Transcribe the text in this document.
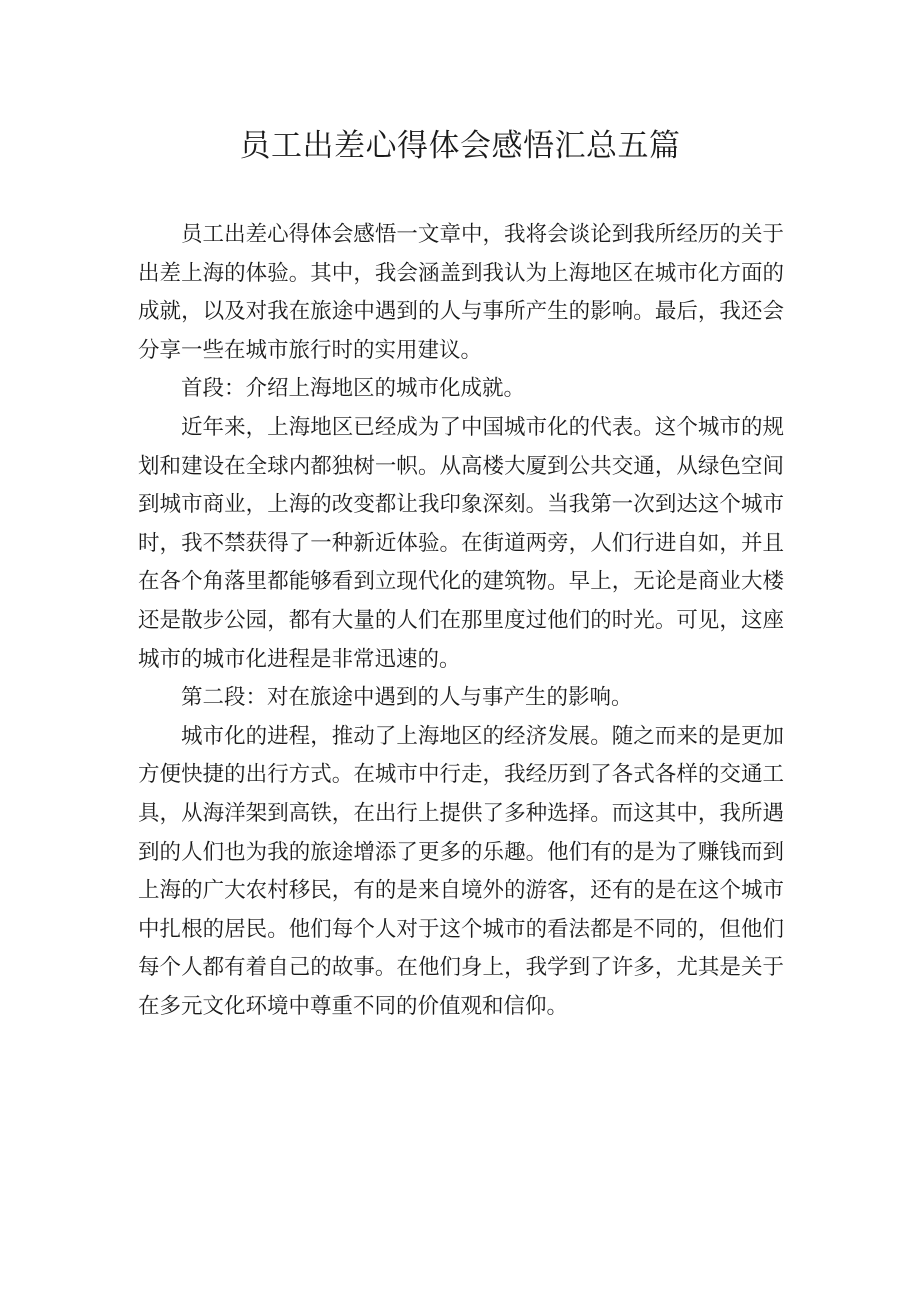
员工出差心得体会感悟汇总五篇

员工出差心得体会感悟一文章中，我将会谈论到我所经历的关于出差上海的体验。其中，我会涵盖到我认为上海地区在城市化方面的成就，以及对我在旅途中遇到的人与事所产生的影响。最后，我还会分享一些在城市旅行时的实用建议。

首段：介绍上海地区的城市化成就。

近年来，上海地区已经成为了中国城市化的代表。这个城市的规划和建设在全球内都独树一帜。从高楼大厦到公共交通，从绿色空间到城市商业，上海的改变都让我印象深刻。当我第一次到达这个城市时，我不禁获得了一种新近体验。在街道两旁，人们行进自如，并且在各个角落里都能够看到立现代化的建筑物。早上，无论是商业大楼还是散步公园，都有大量的人们在那里度过他们的时光。可见，这座城市的城市化进程是非常迅速的。

第二段：对在旅途中遇到的人与事产生的影响。

城市化的进程，推动了上海地区的经济发展。随之而来的是更加方便快捷的出行方式。在城市中行走，我经历到了各式各样的交通工具，从海洋架到高铁，在出行上提供了多种选择。而这其中，我所遇到的人们也为我的旅途增添了更多的乐趣。他们有的是为了赚钱而到上海的广大农村移民，有的是来自境外的游客，还有的是在这个城市中扎根的居民。他们每个人对于这个城市的看法都是不同的，但他们每个人都有着自己的故事。在他们身上，我学到了许多，尤其是关于在多元文化环境中尊重不同的价值观和信仰。
